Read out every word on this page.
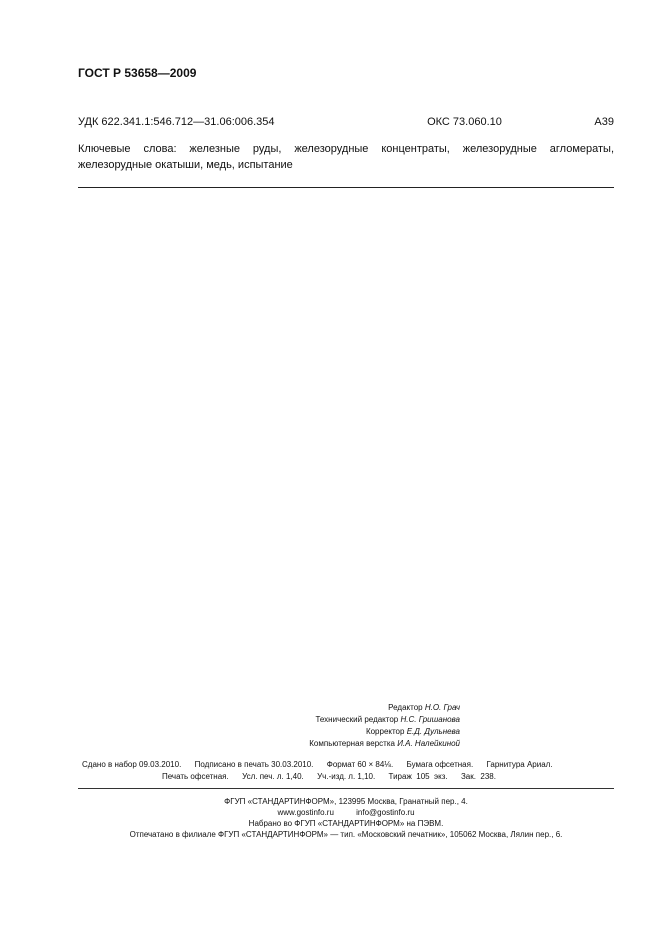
ГОСТ Р 53658—2009
УДК 622.341.1:546.712—31.06:006.354	ОКС 73.060.10	А39
Ключевые слова: железные руды, железорудные концентраты, железорудные агломераты, железорудные окатыши, медь, испытание
Редактор Н.О. Грач
Технический редактор Н.С. Гришанова
Корректор Е.Д. Дульнева
Компьютерная верстка И.А. Налейкиной
Сдано в набор 09.03.2010.      Подписано в печать 30.03.2010.      Формат 60 × 84⅛.      Бумага офсетная.      Гарнитура Ариал.
Печать офсетная.      Усл. печ. л. 1,40.      Уч.-изд. л. 1,10.      Тираж  105  экз.      Зак.  238.
ФГУП «СТАНДАРТИНФОРМ», 123995 Москва, Гранатный пер., 4.
www.gostinfo.ru          info@gostinfo.ru
Набрано во ФГУП «СТАНДАРТИНФОРМ» на ПЭВМ.
Отпечатано в филиале ФГУП «СТАНДАРТИНФОРМ» — тип. «Московский печатник», 105062 Москва, Лялин пер., 6.
